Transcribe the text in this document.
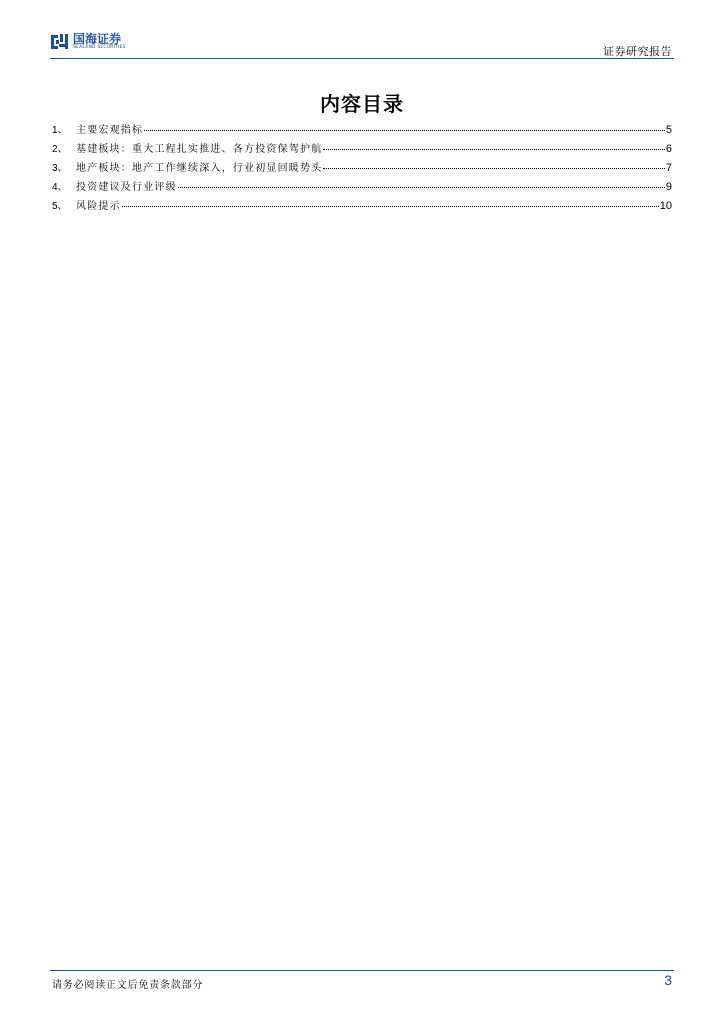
国海证券
SEALAND SECURITIES	证券研究报告
内容目录
1、 主要宏观指标	5
2、 基建板块：重大工程扎实推进、各方投资保驾护航	6
3、 地产板块：地产工作继续深入，行业初显回暖势头	7
4、 投资建议及行业评级	9
5、 风险提示	10
请务必阅读正文后免责条款部分	3
